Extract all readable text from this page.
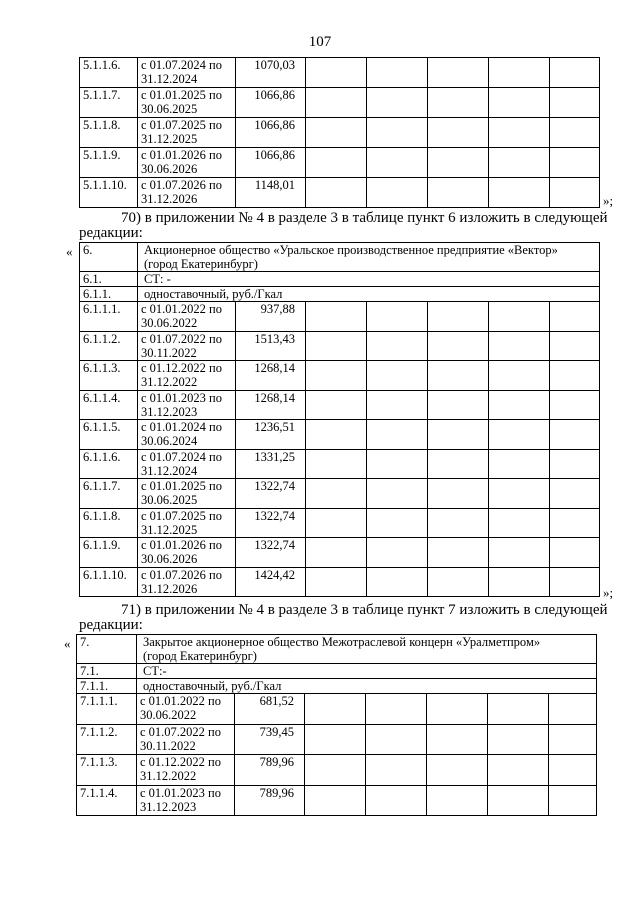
107
5.1.1.6.	с 01.07.2024 по
31.12.2024	1070,03					
5.1.1.7.	с 01.01.2025 по
30.06.2025	1066,86					
5.1.1.8.	с 01.07.2025 по
31.12.2025	1066,86					
5.1.1.9.	с 01.01.2026 по
30.06.2026	1066,86					
5.1.1.10.	с 01.07.2026 по
31.12.2026	1148,01					
»;
70) в приложении № 4 в разделе 3 в таблице пункт 6 изложить в следующей
редакции:
« 6.	Акционерное общество «Уральское производственное предприятие «Вектор»
(город Екатеринбург)						

6.1.	СТ: -						
6.1.1.	одноставочный, руб./Гкал						
6.1.1.1.	с 01.01.2022 по
30.06.2022	937,88					
6.1.1.2.	с 01.07.2022 по
30.11.2022	1513,43					
6.1.1.3.	с 01.12.2022 по
31.12.2022	1268,14					
6.1.1.4.	с 01.01.2023 по
31.12.2023	1268,14					
6.1.1.5.	с 01.01.2024 по
30.06.2024	1236,51					
6.1.1.6.	с 01.07.2024 по
31.12.2024	1331,25					
6.1.1.7.	с 01.01.2025 по
30.06.2025	1322,74					
6.1.1.8.	с 01.07.2025 по
31.12.2025	1322,74					
6.1.1.9.	с 01.01.2026 по
30.06.2026	1322,74					
6.1.1.10.	с 01.07.2026 по
31.12.2026	1424,42					
»;
71) в приложении № 4 в разделе 3 в таблице пункт 7 изложить в следующей
редакции:
« 7.	Закрытое акционерное общество Межотраслевой концерн «Уралметпром»
(город Екатеринбург)						

7.1.	СТ:-						
7.1.1.	одноставочный, руб./Гкал						
7.1.1.1.	с 01.01.2022 по
30.06.2022	681,52					
7.1.1.2.	с 01.07.2022 по
30.11.2022	739,45					
7.1.1.3.	с 01.12.2022 по
31.12.2022	789,96					
7.1.1.4.	с 01.01.2023 по
31.12.2023	789,96					
